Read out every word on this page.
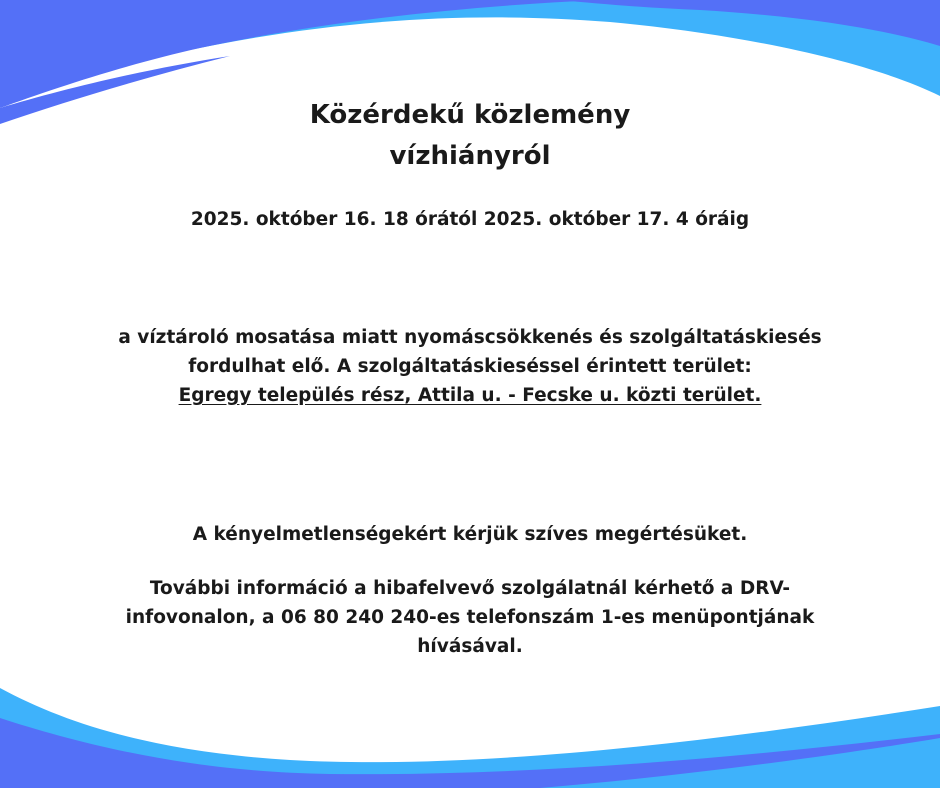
Közérdekű közlemény
vízhiányról
2025. október 16. 18 órától 2025. október 17. 4 óráig
a víztároló mosatása miatt nyomáscsökkenés és szolgáltatáskiesés
fordulhat elő. A szolgáltatáskieséssel érintett terület:
Egregy település rész, Attila u. - Fecske u. közti terület.
A kényelmetlenségekért kérjük szíves megértésüket.
További információ a hibafelvevő szolgálatnál kérhető a DRV-
infovonalon, a 06 80 240 240-es telefonszám 1-es menüpontjának
hívásával.
